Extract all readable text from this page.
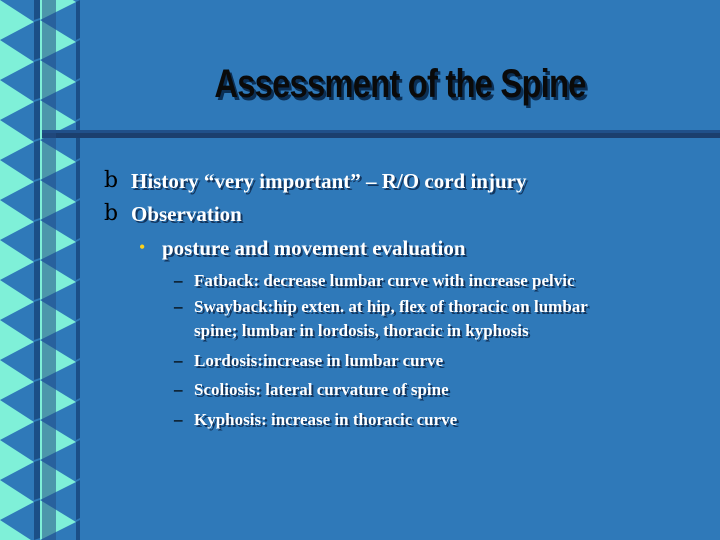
Assessment of the Spine
b History “very important” – R/O cord injury
b Observation
• posture and movement evaluation
– Fatback: decrease lumbar curve with increase pelvic
– Swayback:hip exten. at hip, flex of thoracic on lumbar
spine; lumbar in lordosis, thoracic in kyphosis
– Lordosis:increase in lumbar curve
– Scoliosis: lateral curvature of spine
– Kyphosis: increase in thoracic curve
